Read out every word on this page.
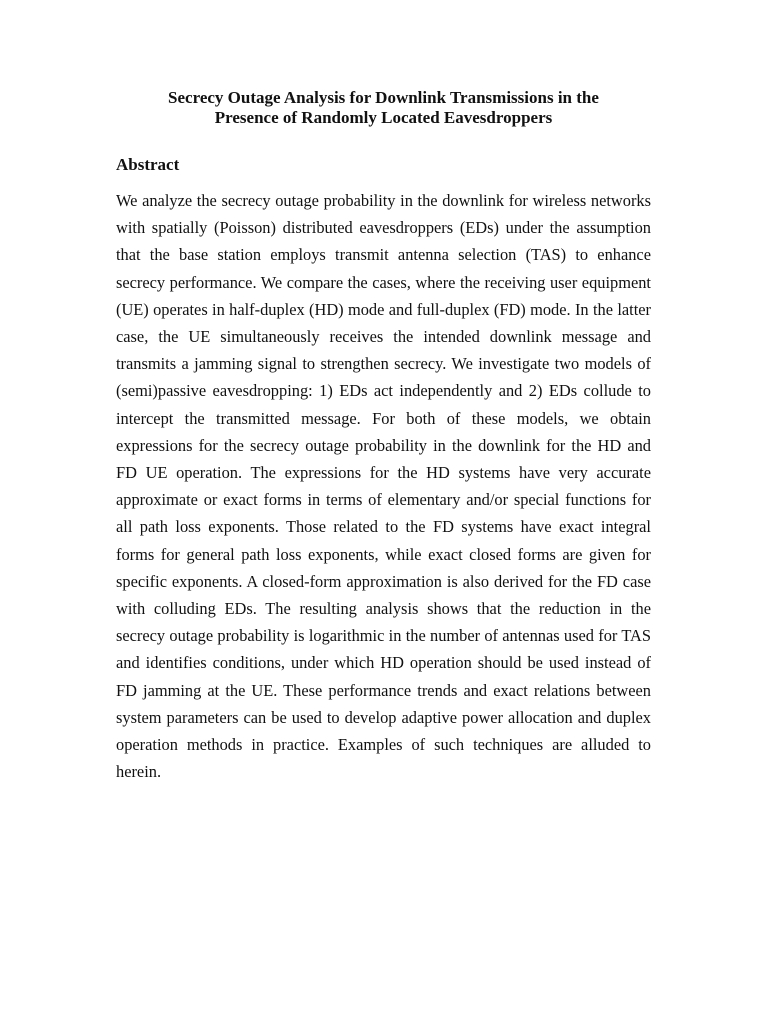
Secrecy Outage Analysis for Downlink Transmissions in the
Presence of Randomly Located Eavesdroppers
Abstract

We analyze the secrecy outage probability in the downlink for wireless networks with spatially (Poisson) distributed eavesdroppers (EDs) under the assumption that the base station employs transmit antenna selection (TAS) to enhance secrecy performance. We compare the cases, where the receiving user equipment (UE) operates in half-duplex (HD) mode and full-duplex (FD) mode. In the latter case, the UE simultaneously receives the intended downlink message and transmits a jamming signal to strengthen secrecy. We investigate two models of (semi)passive eavesdropping: 1) EDs act independently and 2) EDs collude to intercept the transmitted message. For both of these models, we obtain expressions for the secrecy outage probability in the downlink for the HD and FD UE operation. The expressions for the HD systems have very accurate approximate or exact forms in terms of elementary and/or special functions for all path loss exponents. Those related to the FD systems have exact integral forms for general path loss exponents, while exact closed forms are given for specific exponents. A closed-form approximation is also derived for the FD case with colluding EDs. The resulting analysis shows that the reduction in the secrecy outage probability is logarithmic in the number of antennas used for TAS and identifies conditions, under which HD operation should be used instead of FD jamming at the UE. These performance trends and exact relations between system parameters can be used to develop adaptive power allocation and duplex operation methods in practice. Examples of such techniques are alluded to herein.
